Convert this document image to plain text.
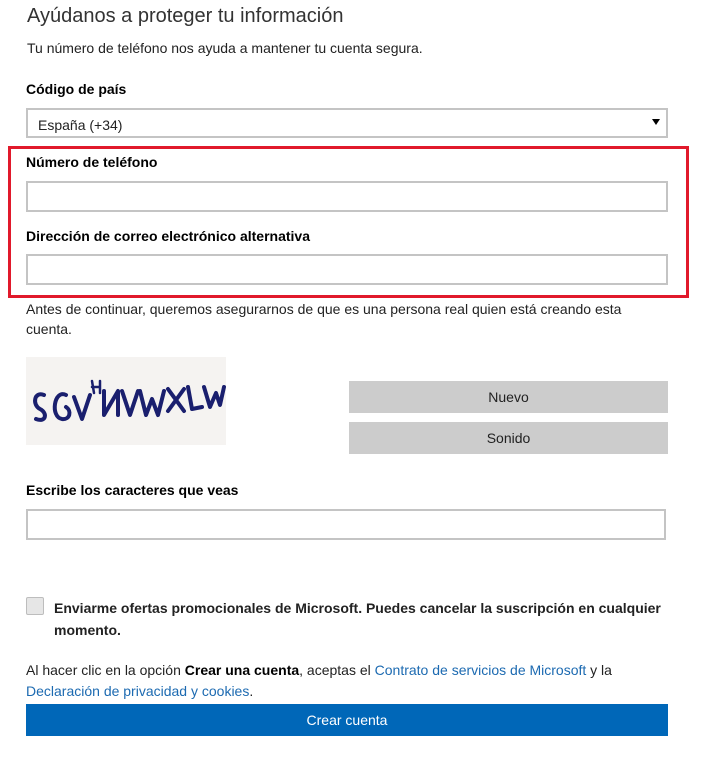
Ayúdanos a proteger tu información
Tu número de teléfono nos ayuda a mantener tu cuenta segura.
Código de país
España (+34)
Número de teléfono
Dirección de correo electrónico alternativa
Antes de continuar, queremos asegurarnos de que es una persona real quien está creando esta cuenta.
Nuevo
Sonido
Escribe los caracteres que veas
Enviarme ofertas promocionales de Microsoft. Puedes cancelar la suscripción en cualquier momento.
Al hacer clic en la opción Crear una cuenta, aceptas el Contrato de servicios de Microsoft y la
Declaración de privacidad y cookies.
Crear cuenta
